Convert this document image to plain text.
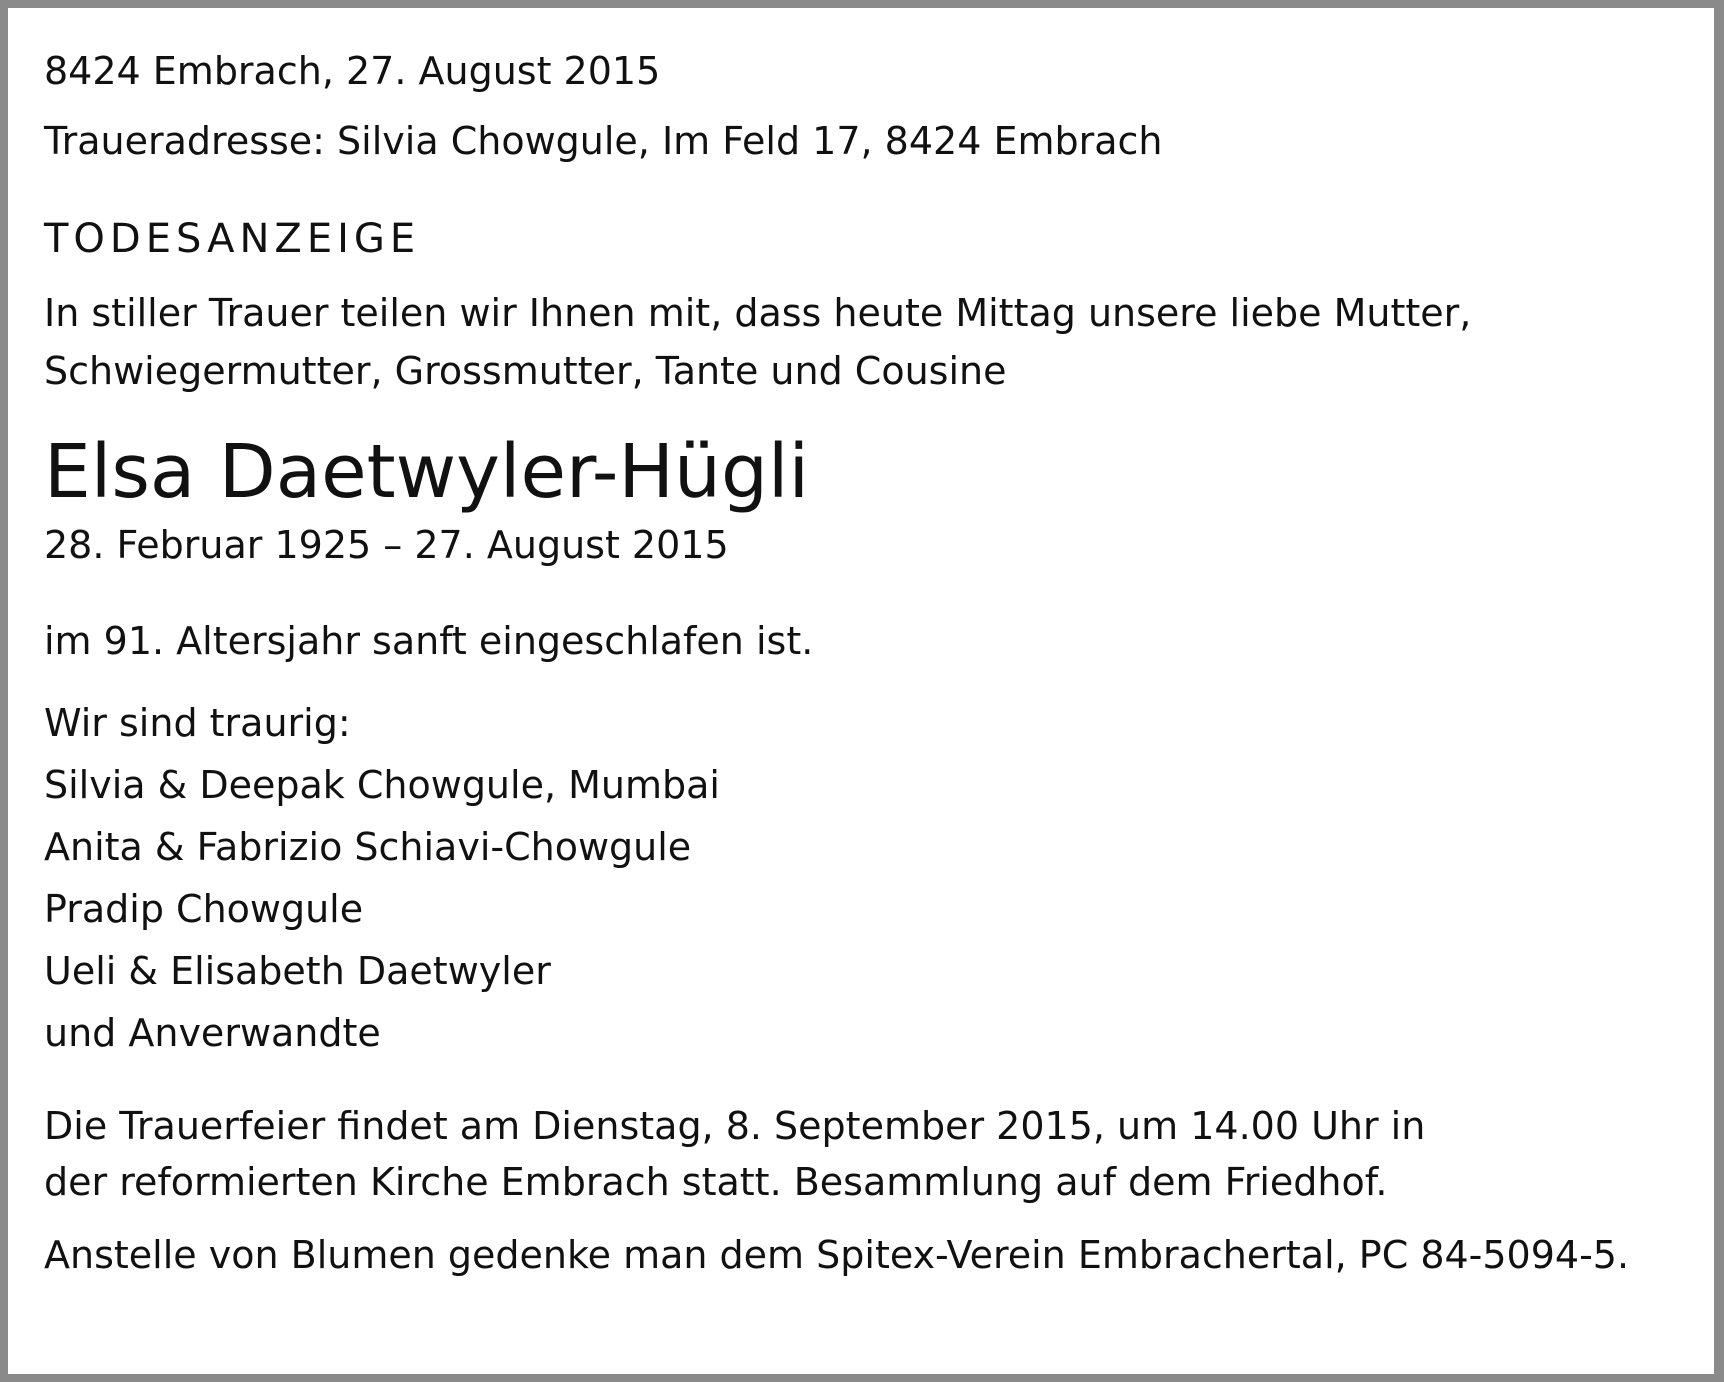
8424 Embrach, 27. August 2015
Traueradresse: Silvia Chowgule, Im Feld 17, 8424 Embrach
TODESANZEIGE
In stiller Trauer teilen wir Ihnen mit, dass heute Mittag unsere liebe Mutter,
Schwiegermutter, Grossmutter, Tante und Cousine
Elsa Daetwyler-Hügli
28. Februar 1925 – 27. August 2015
im 91. Altersjahr sanft eingeschlafen ist.
Wir sind traurig:
Silvia & Deepak Chowgule, Mumbai
Anita & Fabrizio Schiavi-Chowgule
Pradip Chowgule
Ueli & Elisabeth Daetwyler
und Anverwandte
Die Trauerfeier findet am Dienstag, 8. September 2015, um 14.00 Uhr in
der reformierten Kirche Embrach statt. Besammlung auf dem Friedhof.
Anstelle von Blumen gedenke man dem Spitex-Verein Embrachertal, PC 84-5094-5.
